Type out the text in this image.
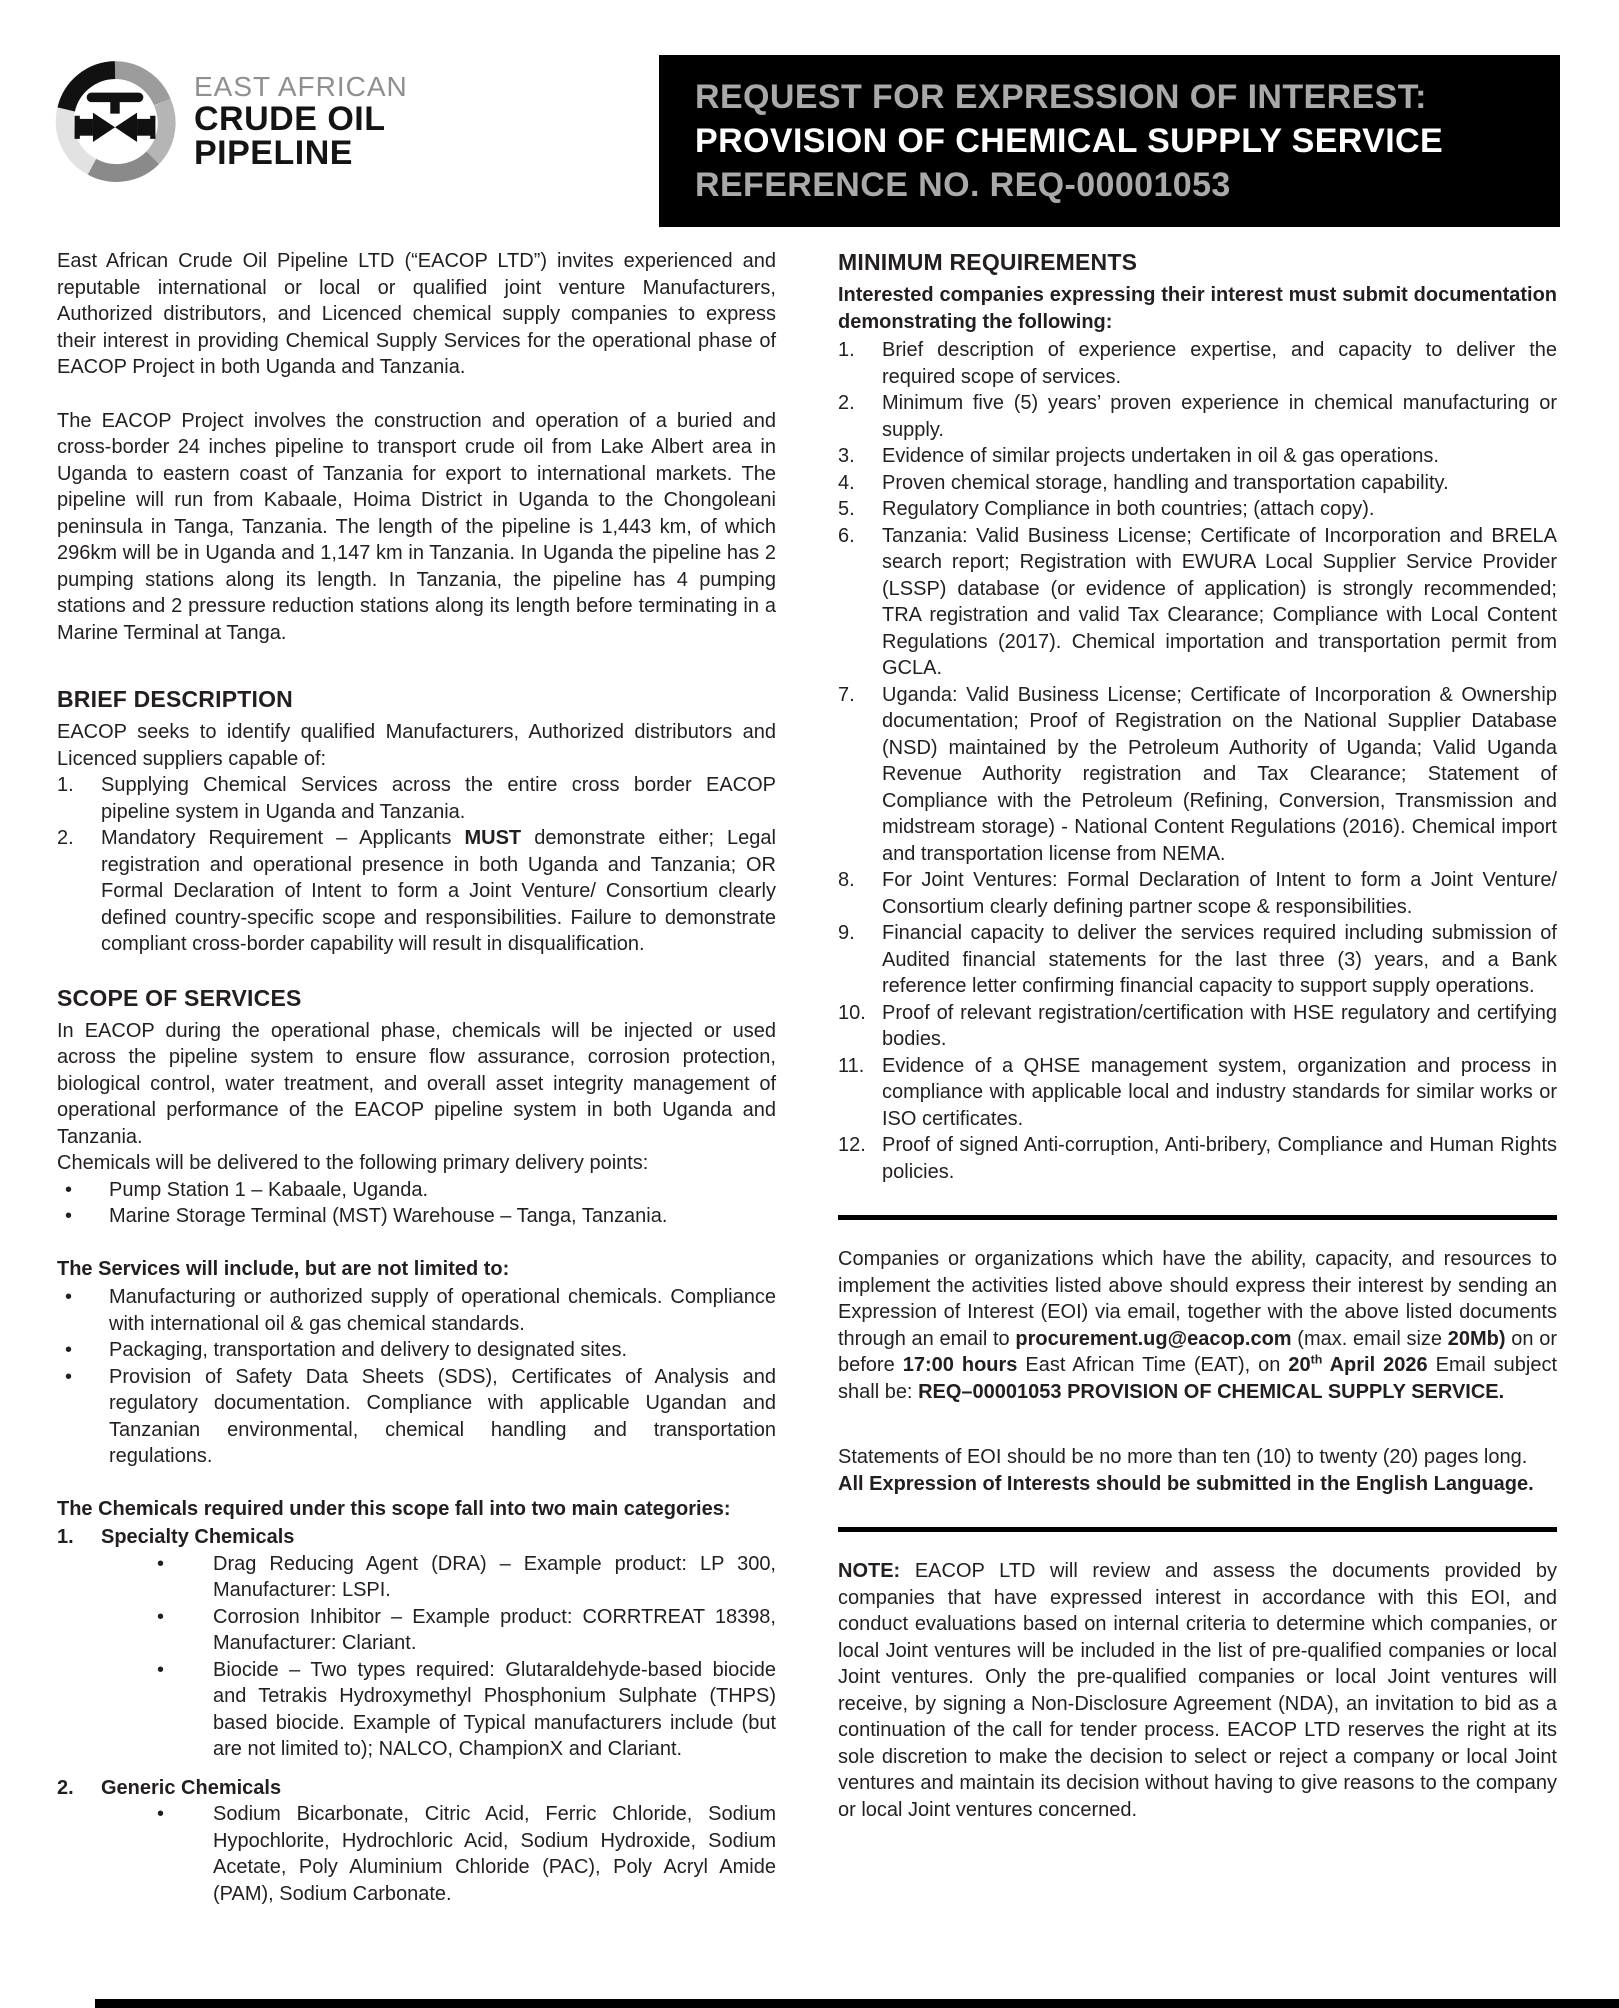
EAST AFRICAN
CRUDE OIL
PIPELINE
REQUEST FOR EXPRESSION OF INTEREST:
PROVISION OF CHEMICAL SUPPLY SERVICE
REFERENCE NO. REQ-00001053

East African Crude Oil Pipeline LTD (“EACOP LTD”) invites experienced and reputable international or local or qualified joint venture Manufacturers, Authorized distributors, and Licenced chemical supply companies to express their interest in providing Chemical Supply Services for the operational phase of EACOP Project in both Uganda and Tanzania.

The EACOP Project involves the construction and operation of a buried and cross-border 24 inches pipeline to transport crude oil from Lake Albert area in Uganda to eastern coast of Tanzania for export to international markets. The pipeline will run from Kabaale, Hoima District in Uganda to the Chongoleani peninsula in Tanga, Tanzania. The length of the pipeline is 1,443 km, of which 296km will be in Uganda and 1,147 km in Tanzania. In Uganda the pipeline has 2 pumping stations along its length. In Tanzania, the pipeline has 4 pumping stations and 2 pressure reduction stations along its length before terminating in a Marine Terminal at Tanga.

BRIEF DESCRIPTION
EACOP seeks to identify qualified Manufacturers, Authorized distributors and Licenced suppliers capable of:
1.	Supplying Chemical Services across the entire cross border EACOP pipeline system in Uganda and Tanzania.
2.	Mandatory Requirement – Applicants MUST demonstrate either; Legal registration and operational presence in both Uganda and Tanzania; OR Formal Declaration of Intent to form a Joint Venture/ Consortium clearly defined country-specific scope and responsibilities. Failure to demonstrate compliant cross-border capability will result in disqualification.
SCOPE OF SERVICES
In EACOP during the operational phase, chemicals will be injected or used across the pipeline system to ensure flow assurance, corrosion protection, biological control, water treatment, and overall asset integrity management of operational performance of the EACOP pipeline system in both Uganda and Tanzania.
Chemicals will be delivered to the following primary delivery points:
•
Pump Station 1 – Kabaale, Uganda.
•
Marine Storage Terminal (MST) Warehouse – Tanga, Tanzania.
The Services will include, but are not limited to:
•
Manufacturing or authorized supply of operational chemicals. Compliance with international oil & gas chemical standards.
•
Packaging, transportation and delivery to designated sites.
•
Provision of Safety Data Sheets (SDS), Certificates of Analysis and regulatory documentation. Compliance with applicable Ugandan and Tanzanian environmental, chemical handling and transportation regulations.
The Chemicals required under this scope fall into two main categories:
1.	Specialty Chemicals
•
Drag Reducing Agent (DRA) – Example product: LP 300, Manufacturer: LSPI.
•
Corrosion Inhibitor – Example product: CORRTREAT 18398, Manufacturer: Clariant.
•
Biocide – Two types required: Glutaraldehyde-based biocide and Tetrakis Hydroxymethyl Phosphonium Sulphate (THPS) based biocide. Example of Typical manufacturers include (but are not limited to); NALCO, ChampionX and Clariant.
2.	Generic Chemicals
•
Sodium Bicarbonate, Citric Acid, Ferric Chloride, Sodium Hypochlorite, Hydrochloric Acid, Sodium Hydroxide, Sodium Acetate, Poly Aluminium Chloride (PAC), Poly Acryl Amide (PAM), Sodium Carbonate.
MINIMUM REQUIREMENTS
Interested companies expressing their interest must submit documentation demonstrating the following:
1.	Brief description of experience expertise, and capacity to deliver the required scope of services.
2.	Minimum five (5) years’ proven experience in chemical manufacturing or supply.
3.	Evidence of similar projects undertaken in oil & gas operations.
4.	Proven chemical storage, handling and transportation capability.
5.	Regulatory Compliance in both countries; (attach copy).
6.	Tanzania: Valid Business License; Certificate of Incorporation and BRELA search report; Registration with EWURA Local Supplier Service Provider (LSSP) database (or evidence of application) is strongly recommended; TRA registration and valid Tax Clearance; Compliance with Local Content Regulations (2017). Chemical importation and transportation permit from GCLA.
7.	Uganda: Valid Business License; Certificate of Incorporation & Ownership documentation; Proof of Registration on the National Supplier Database (NSD) maintained by the Petroleum Authority of Uganda; Valid Uganda Revenue Authority registration and Tax Clearance; Statement of Compliance with the Petroleum (Refining, Conversion, Transmission and midstream storage) - National Content Regulations (2016). Chemical import and transportation license from NEMA.
8.	For Joint Ventures: Formal Declaration of Intent to form a Joint Venture/ Consortium clearly defining partner scope & responsibilities.
9.	Financial capacity to deliver the services required including submission of Audited financial statements for the last three (3) years, and a Bank reference letter confirming financial capacity to support supply operations.
10. Proof of relevant registration/certification with HSE regulatory and certifying bodies.
11. Evidence of a QHSE management system, organization and process in compliance with applicable local and industry standards for similar works or ISO certificates.
12. Proof of signed Anti-corruption, Anti-bribery, Compliance and Human Rights policies.

Companies or organizations which have the ability, capacity, and resources to implement the activities listed above should express their interest by sending an Expression of Interest (EOI) via email, together with the above listed documents through an email to procurement.ug@eacop.com (max. email size 20Mb) on or before 17:00 hours East African Time (EAT), on 20th April 2026 Email subject shall be: REQ–00001053 PROVISION OF CHEMICAL SUPPLY SERVICE.

Statements of EOI should be no more than ten (10) to twenty (20) pages long.
All Expression of Interests should be submitted in the English Language.

NOTE: EACOP LTD will review and assess the documents provided by companies that have expressed interest in accordance with this EOI, and conduct evaluations based on internal criteria to determine which companies, or local Joint ventures will be included in the list of pre-qualified companies or local Joint ventures. Only the pre-qualified companies or local Joint ventures will receive, by signing a Non-Disclosure Agreement (NDA), an invitation to bid as a continuation of the call for tender process. EACOP LTD reserves the right at its sole discretion to make the decision to select or reject a company or local Joint ventures and maintain its decision without having to give reasons to the company or local Joint ventures concerned.
